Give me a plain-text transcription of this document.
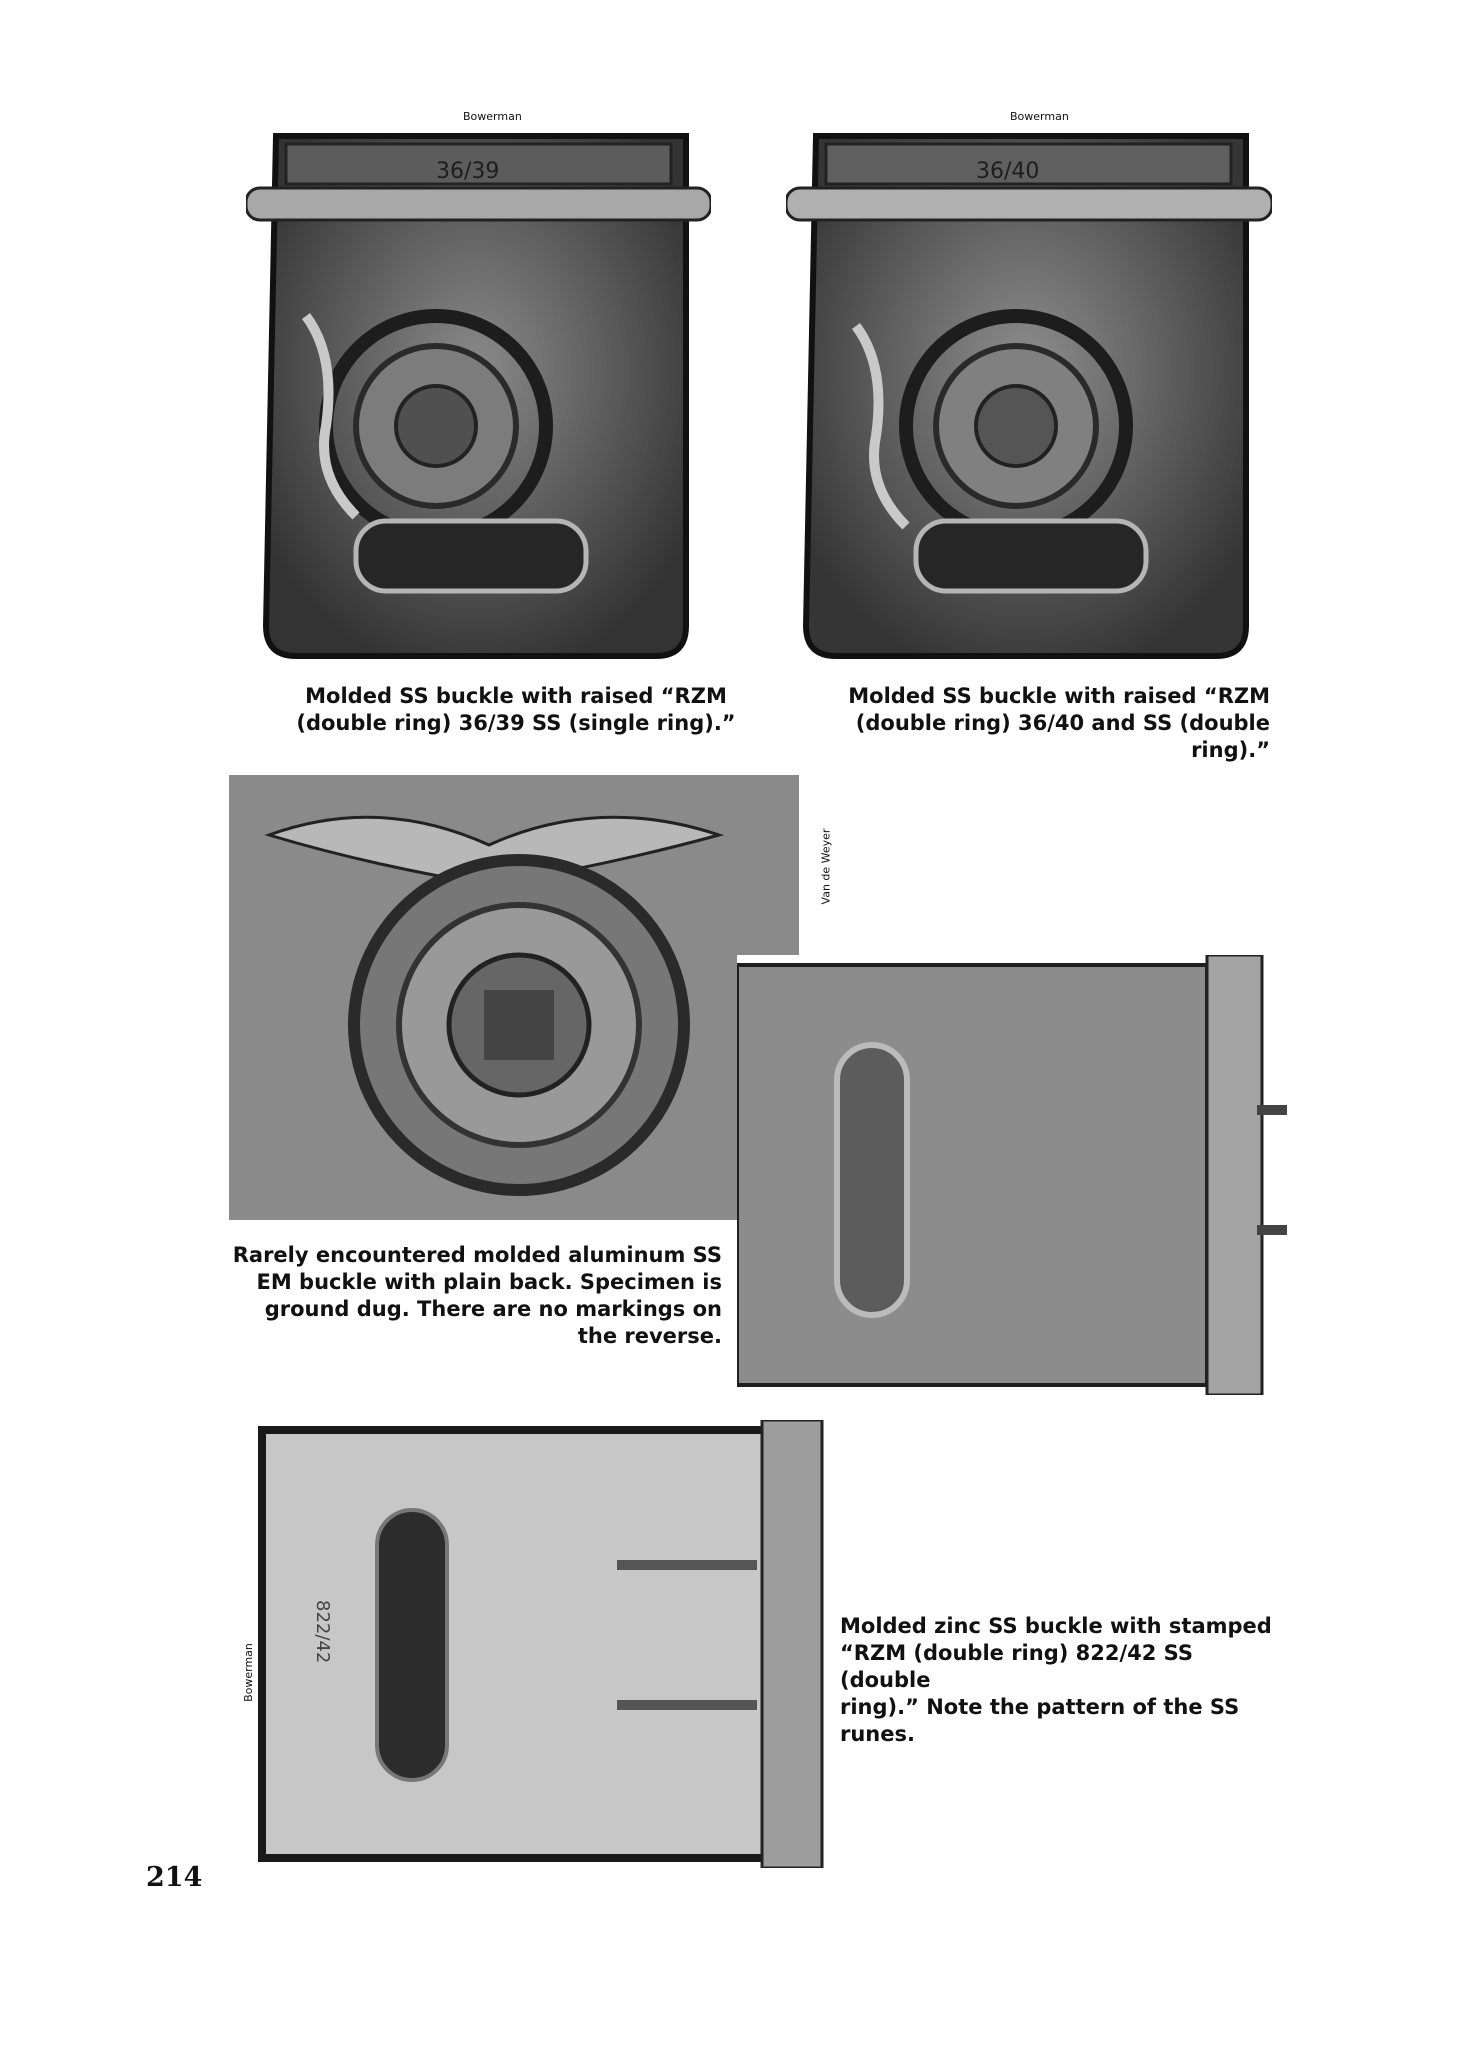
Bowerman
36/39
Molded SS buckle with raised “RZM
(double ring) 36/39 SS (single ring).”
Bowerman
36/40
Molded SS buckle with raised “RZM
(double ring) 36/40 and SS (double ring).”
Van de Weyer
Rarely encountered molded aluminum SS
EM buckle with plain back. Specimen is
ground dug. There are no markings on
the reverse.
Bowerman
822/42	Molded zinc SS buckle with stamped
“RZM (double ring) 822/42 SS (double
ring).” Note the pattern of the SS runes.
214
